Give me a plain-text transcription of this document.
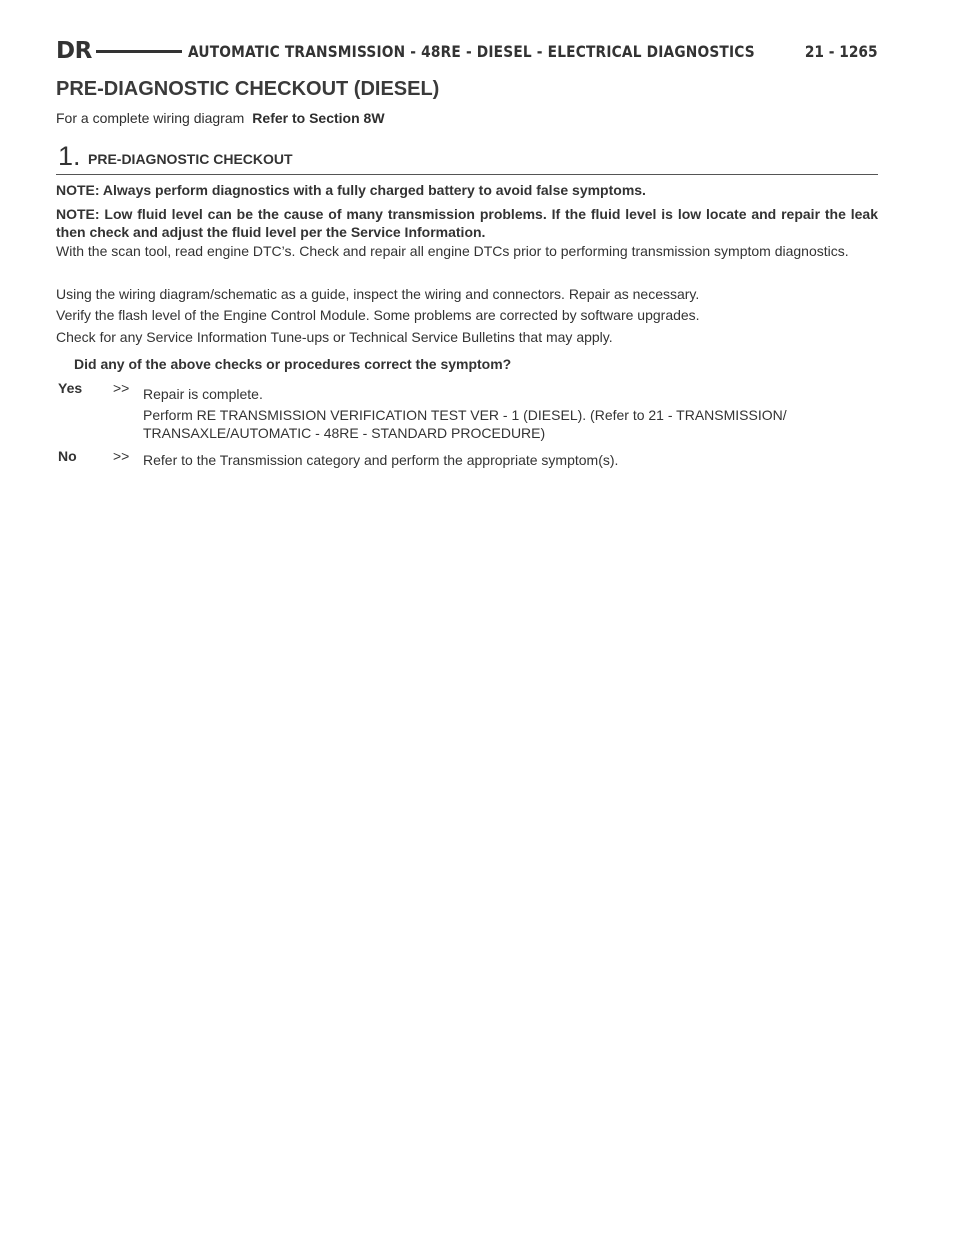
DR	AUTOMATIC TRANSMISSION - 48RE - DIESEL - ELECTRICAL DIAGNOSTICS	21 - 1265
PRE-DIAGNOSTIC CHECKOUT (DIESEL)
For a complete wiring diagram Refer to Section 8W
1. PRE-DIAGNOSTIC CHECKOUT
NOTE: Always perform diagnostics with a fully charged battery to avoid false symptoms.
NOTE: Low fluid level can be the cause of many transmission problems. If the fluid level is low locate and repair the leak then check and adjust the fluid level per the Service Information.
With the scan tool, read engine DTC’s. Check and repair all engine DTCs prior to performing transmission symptom diagnostics.
Using the wiring diagram/schematic as a guide, inspect the wiring and connectors. Repair as necessary.
Verify the flash level of the Engine Control Module. Some problems are corrected by software upgrades.
Check for any Service Information Tune-ups or Technical Service Bulletins that may apply.
Did any of the above checks or procedures correct the symptom?
Yes >> Repair is complete.
Perform RE TRANSMISSION VERIFICATION TEST VER - 1 (DIESEL). (Refer to 21 - TRANSMISSION/ TRANSAXLE/AUTOMATIC - 48RE - STANDARD PROCEDURE)
No	>> Refer to the Transmission category and perform the appropriate symptom(s).
